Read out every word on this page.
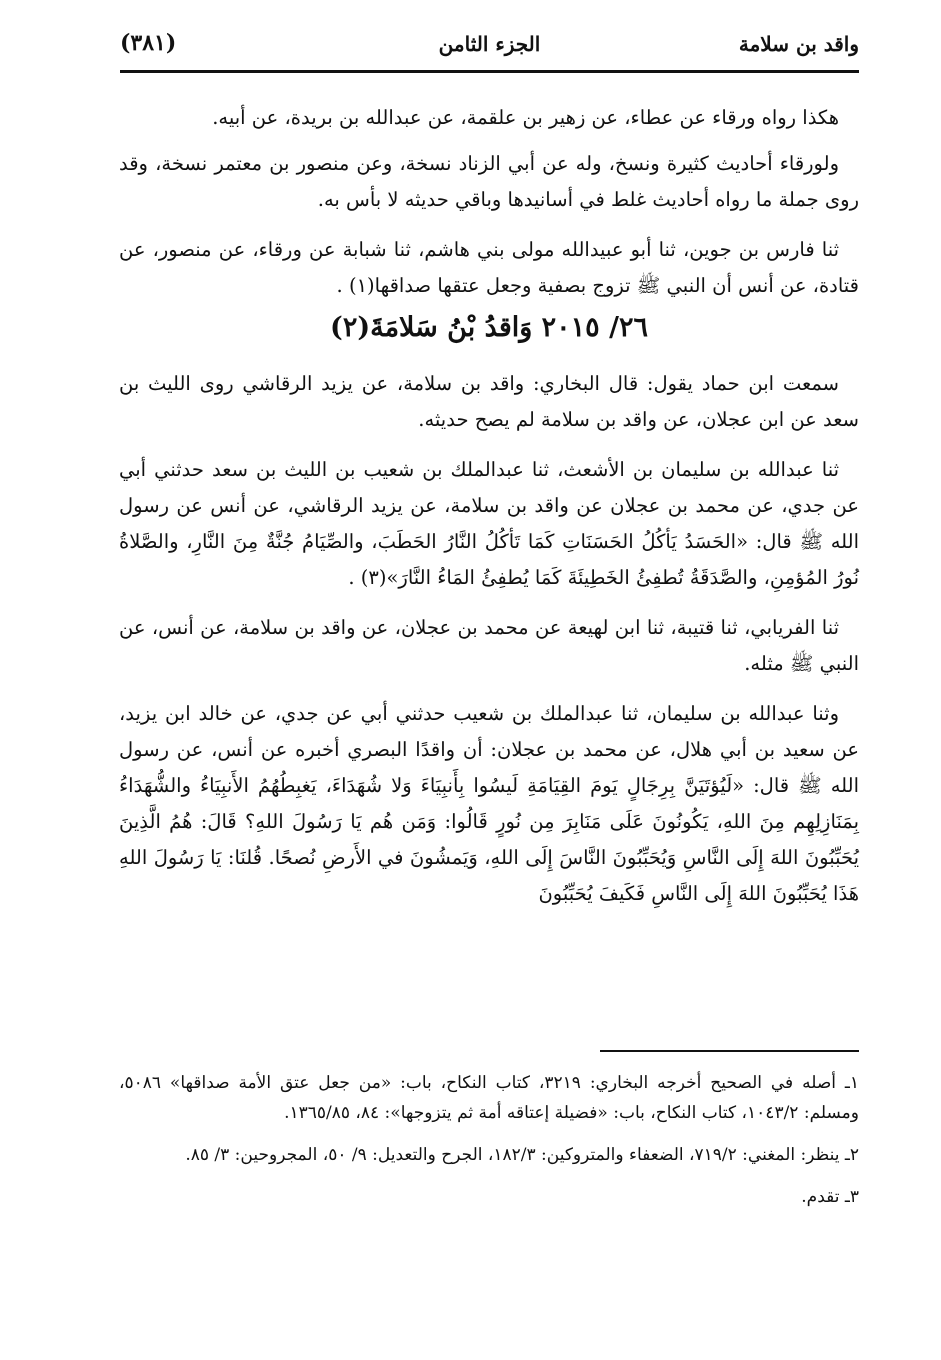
واقد بن سلامة
الجزء الثامن
(٣٨١)

هكذا رواه ورقاء عن عطاء، عن زهير بن علقمة، عن عبدالله بن بريدة، عن أبيه.

ولورقاء أحاديث كثيرة ونسخ، وله عن أبي الزناد نسخة، وعن منصور بن معتمر نسخة، وقد روى جملة ما رواه أحاديث غلط في أسانيدها وباقي حديثه لا بأس به.

ثنا فارس بن جوين، ثنا أبو عبيدالله مولى بني هاشم، ثنا شبابة عن ورقاء، عن منصور، عن قتادة، عن أنس أن النبي ﷺ تزوج بصفية وجعل عتقها صداقها(١) .

٢٦/ ٢٠١٥ وَاقدُ بْنُ سَلامَةَ(٢)

سمعت ابن حماد يقول: قال البخاري: واقد بن سلامة، عن يزيد الرقاشي روى الليث بن سعد عن ابن عجلان، عن واقد بن سلامة لم يصح حديثه.

ثنا عبدالله بن سليمان بن الأشعث، ثنا عبدالملك بن شعيب بن الليث بن سعد حدثني أبي عن جدي، عن محمد بن عجلان عن واقد بن سلامة، عن يزيد الرقاشي، عن أنس عن رسول الله ﷺ قال: «الحَسَدُ يَأكُلُ الحَسَنَاتِ كَمَا تَأكُلُ النَّارُ الحَطَبَ، والصِّيَامُ جُنَّةٌ مِنَ النَّارِ، والصَّلاةُ نُورُ المُؤمِنِ، والصَّدَقَةُ تُطفِئُ الخَطِيئَةَ كَمَا يُطفِئُ المَاءُ النَّارَ»(٣) .

ثنا الفريابي، ثنا قتيبة، ثنا ابن لهيعة عن محمد بن عجلان، عن واقد بن سلامة، عن أنس، عن النبي ﷺ مثله.

وثنا عبدالله بن سليمان، ثنا عبدالملك بن شعيب حدثني أبي عن جدي، عن خالد ابن يزيد، عن سعيد بن أبي هلال، عن محمد بن عجلان: أن واقدًا البصري أخبره عن أنس، عن رسول الله ﷺ قال: «لَيُؤتَيَنَّ بِرِجَالٍ يَومَ القِيَامَةِ لَيسُوا بِأَنبِيَاءَ وَلا شُهَدَاءَ، يَغبِطُهُمُ الأَنبِيَاءُ والشُّهَدَاءُ بِمَنَازِلِهِم مِنَ اللهِ، يَكُونُونَ عَلَى مَنَابِرَ مِن نُورٍ قَالُوا: وَمَن هُم يَا رَسُولَ اللهِ؟ قَالَ: هُمُ الَّذِينَ يُحَبِّبُونَ اللهَ إِلَى النَّاسِ وَيُحَبِّبُونَ النَّاسَ إِلَى اللهِ، وَيَمشُونَ في الأَرضِ نُصحًا. قُلنَا: يَا رَسُولَ اللهِ هَذَا يُحَبِّبُونَ اللهَ إِلَى النَّاسِ فَكَيفَ يُحَبِّبُونَ

١ـ أصله في الصحيح أخرجه البخاري: ٣٢١٩، كتاب النكاح، باب: «من جعل عتق الأمة صداقها» ٥٠٨٦، ومسلم: ١٠٤٣/٢، كتاب النكاح، باب: «فضيلة إعتاقه أمة ثم يتزوجها»: ٨٤، ١٣٦٥/٨٥.

٢ـ ينظر: المغني: ٧١٩/٢، الضعفاء والمتروكين: ١٨٢/٣، الجرح والتعديل: ٩/ ٥٠، المجروحين: ٣/ ٨٥.

٣ـ تقدم.
